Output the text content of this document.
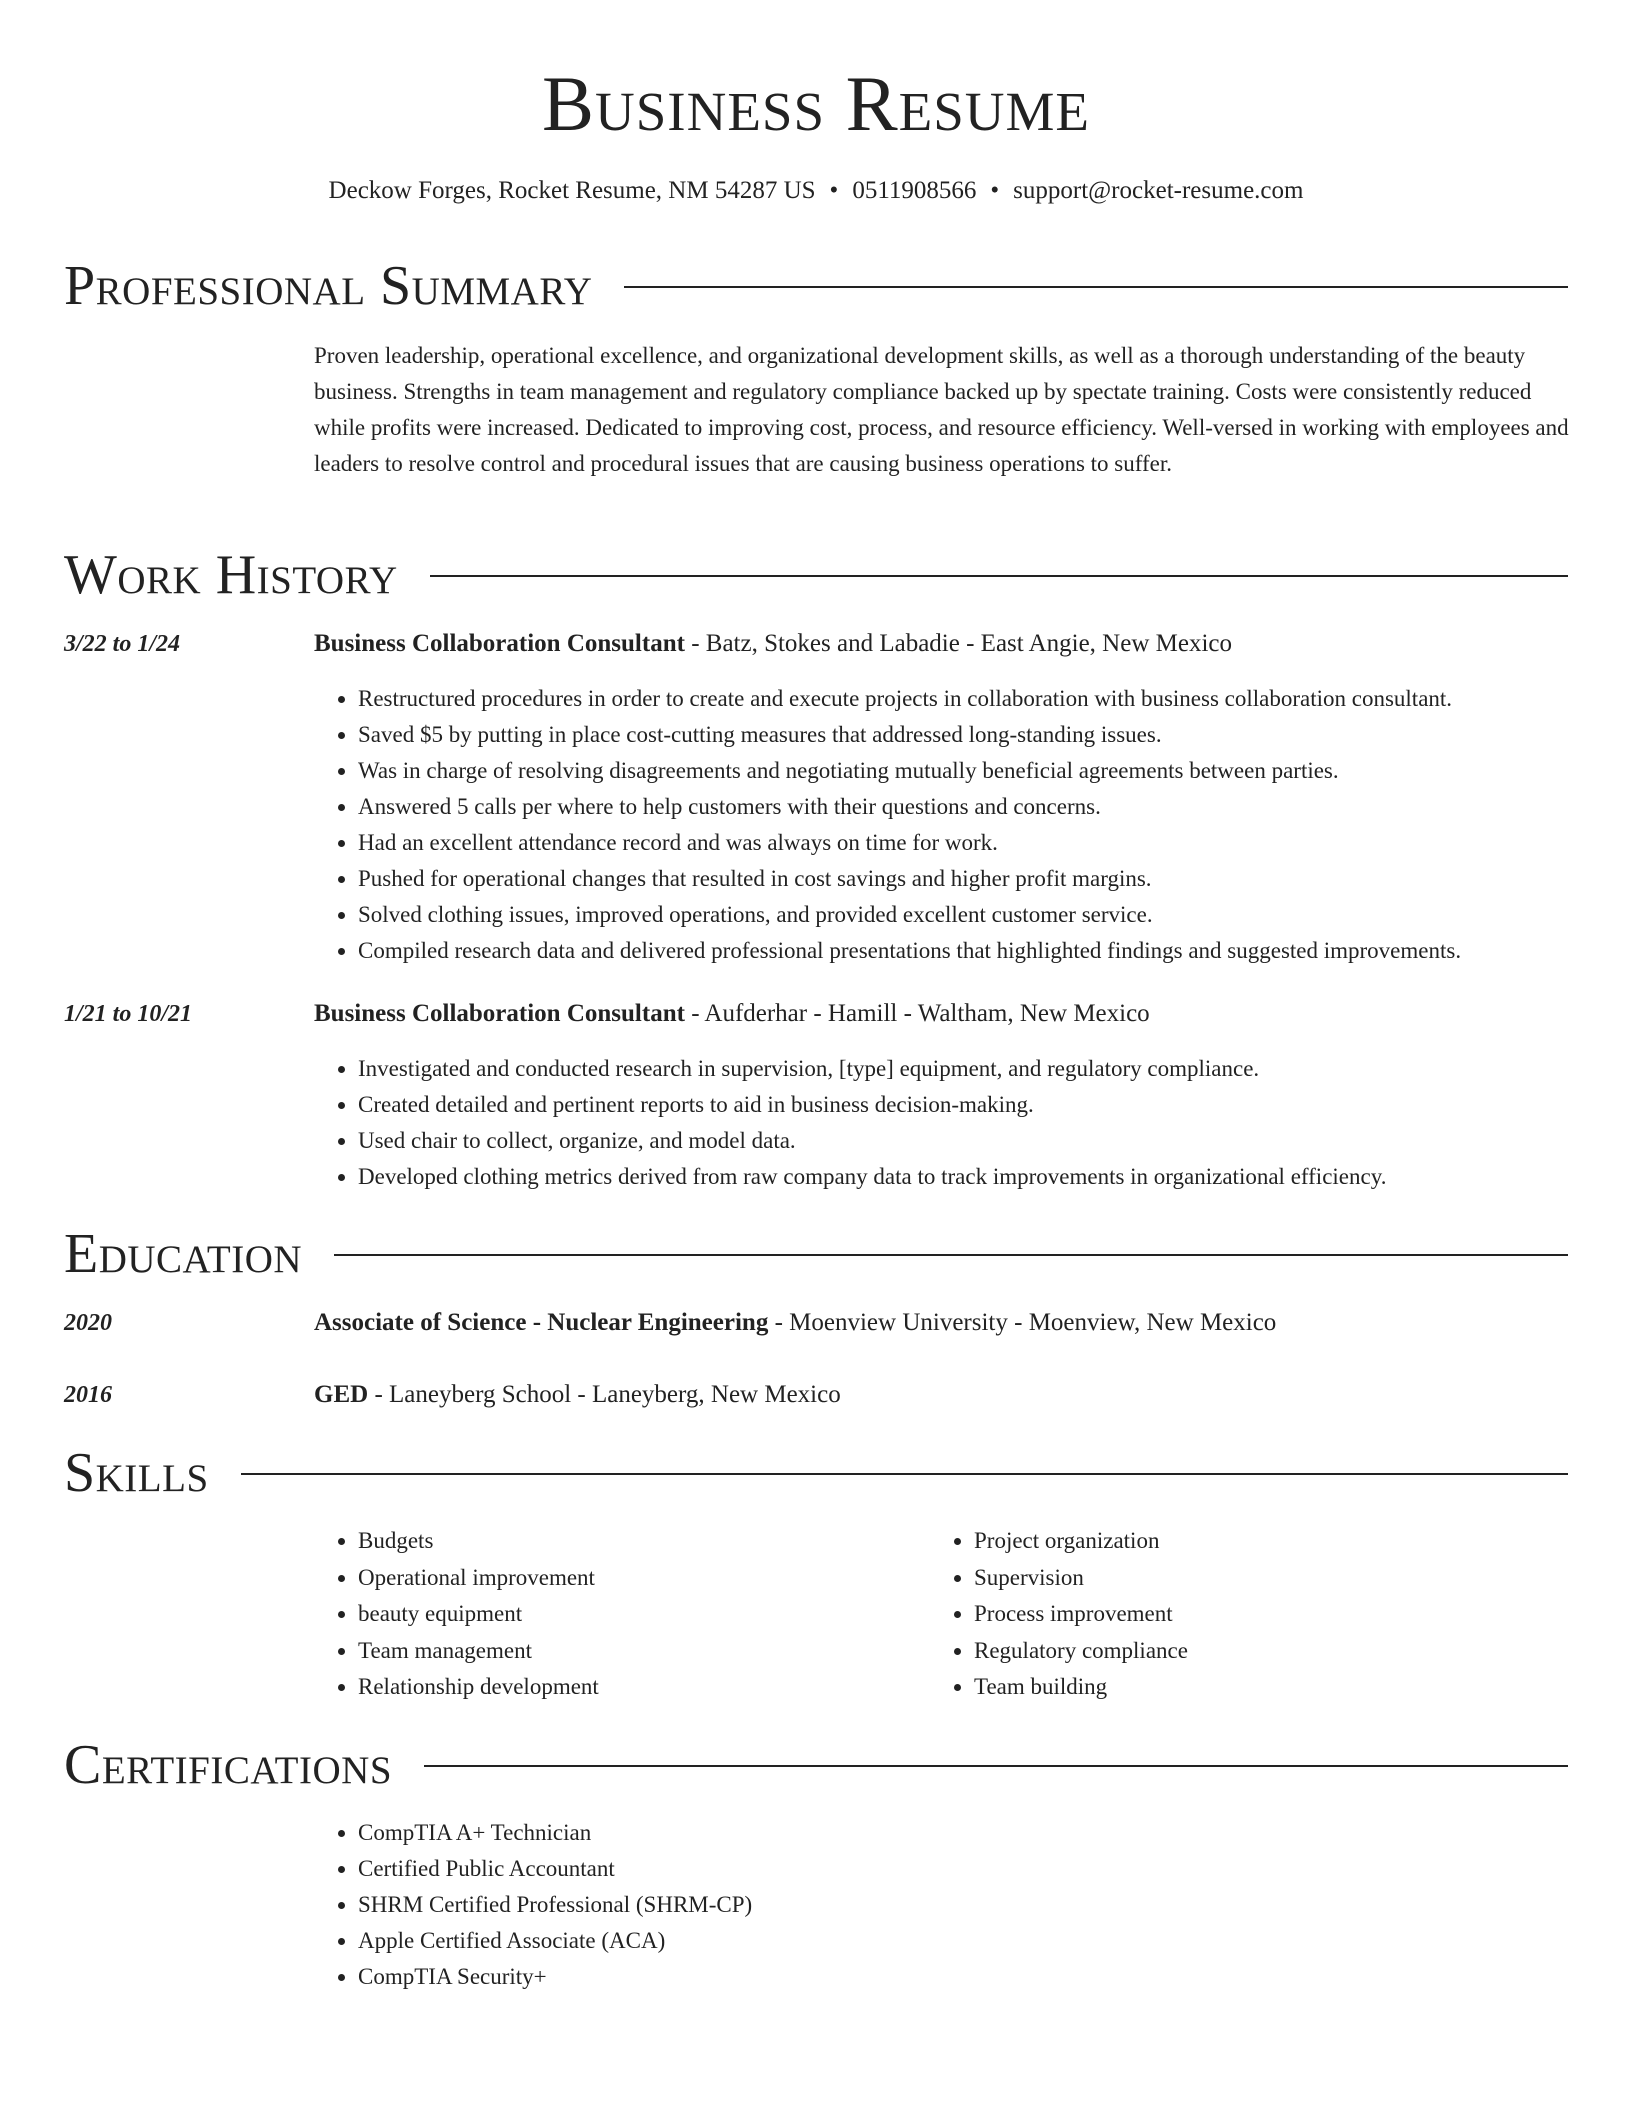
Business Resume
Deckow Forges, Rocket Resume, NM 54287 US • 0511908566 • support@rocket-resume.com
Professional Summary
Proven leadership, operational excellence, and organizational development skills, as well as a thorough understanding of the beauty business. Strengths in team management and regulatory compliance backed up by spectate training. Costs were consistently reduced while profits were increased. Dedicated to improving cost, process, and resource efficiency. Well-versed in working with employees and leaders to resolve control and procedural issues that are causing business operations to suffer.
Work History
3/22 to 1/24	Business Collaboration Consultant - Batz, Stokes and Labadie - East Angie, New Mexico
• Restructured procedures in order to create and execute projects in collaboration with business collaboration consultant.
• Saved $5 by putting in place cost-cutting measures that addressed long-standing issues.
• Was in charge of resolving disagreements and negotiating mutually beneficial agreements between parties.
• Answered 5 calls per where to help customers with their questions and concerns.
• Had an excellent attendance record and was always on time for work.
• Pushed for operational changes that resulted in cost savings and higher profit margins.
• Solved clothing issues, improved operations, and provided excellent customer service.
• Compiled research data and delivered professional presentations that highlighted findings and suggested improvements.
1/21 to 10/21	Business Collaboration Consultant - Aufderhar - Hamill - Waltham, New Mexico
• Investigated and conducted research in supervision, [type] equipment, and regulatory compliance.
• Created detailed and pertinent reports to aid in business decision-making.
• Used chair to collect, organize, and model data.
• Developed clothing metrics derived from raw company data to track improvements in organizational efficiency.
Education
2020	Associate of Science - Nuclear Engineering - Moenview University - Moenview, New Mexico
2016	GED - Laneyberg School - Laneyberg, New Mexico
Skills
• Budgets
• Operational improvement
• beauty equipment
• Team management
• Relationship development
• Project organization
• Supervision
• Process improvement
• Regulatory compliance
• Team building
Certifications
• CompTIA A+ Technician
• Certified Public Accountant
• SHRM Certified Professional (SHRM-CP)
• Apple Certified Associate (ACA)
• CompTIA Security+
